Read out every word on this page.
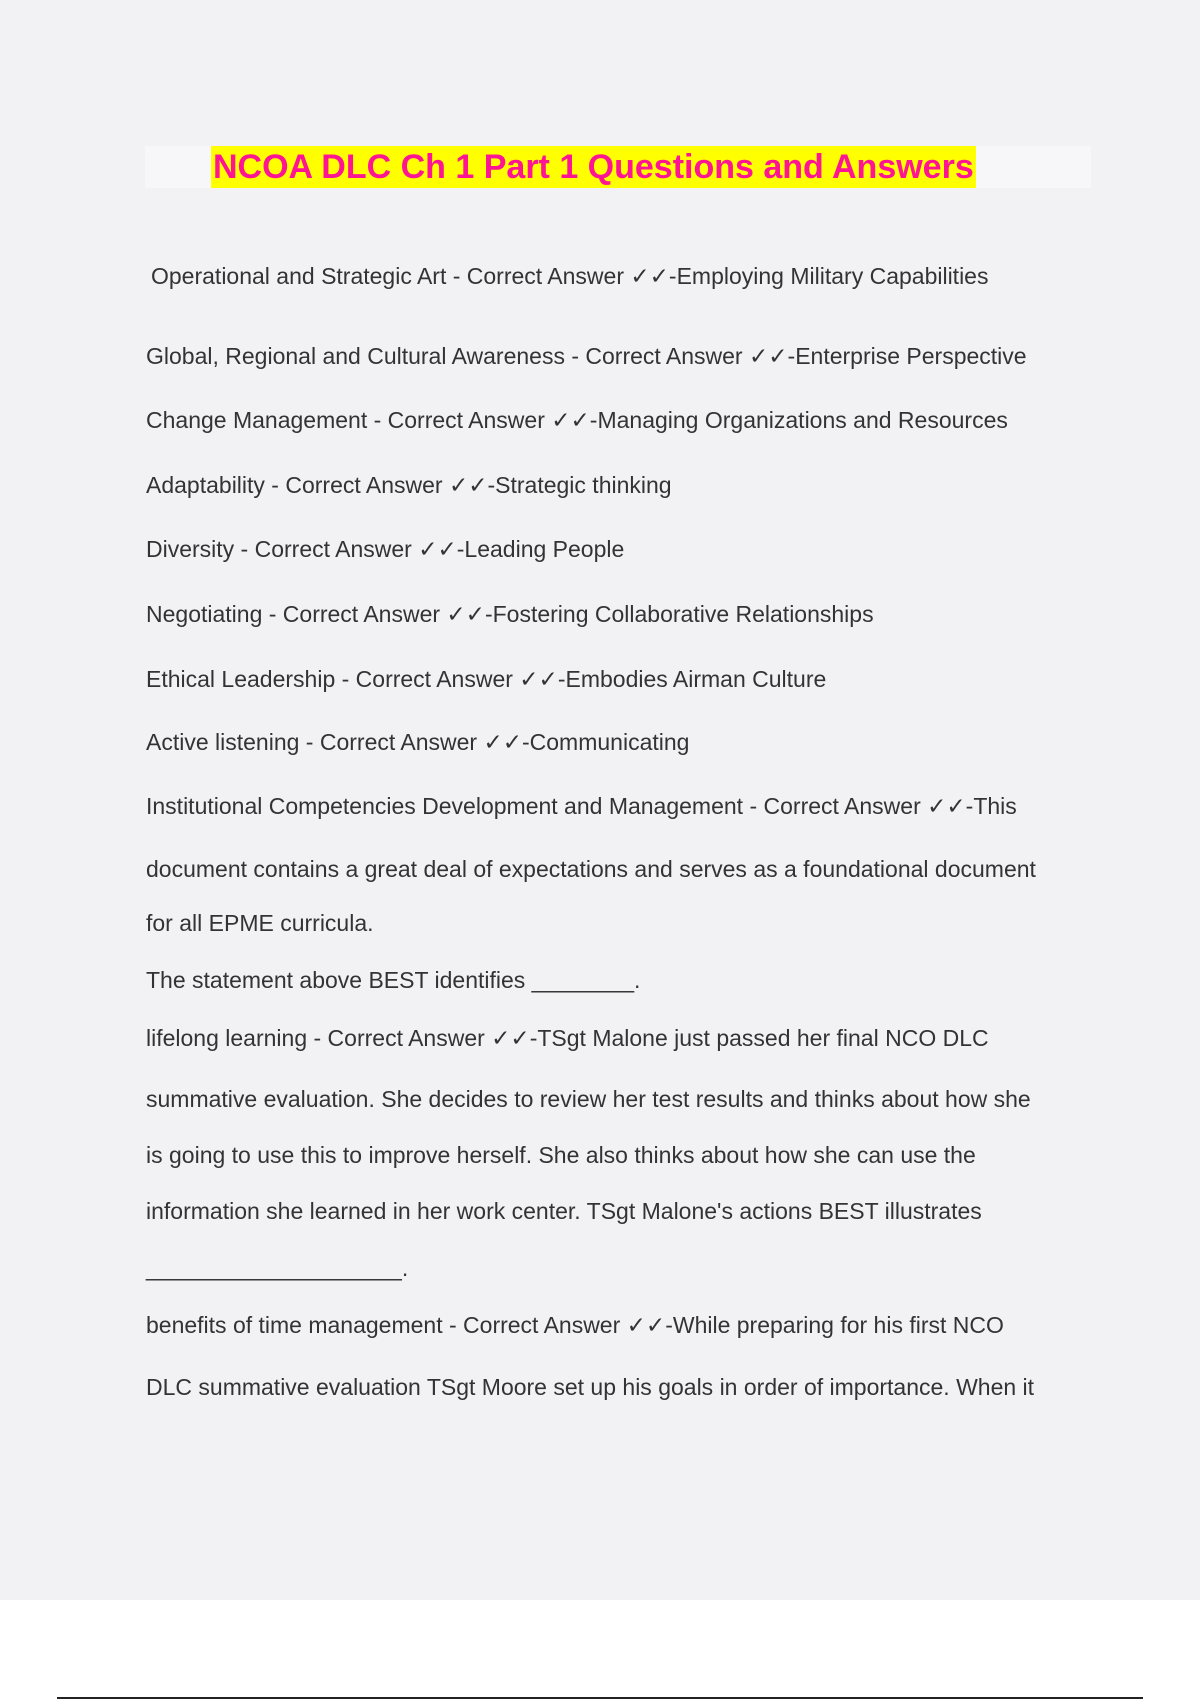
NCOA DLC Ch 1 Part 1 Questions and Answers
Operational and Strategic Art - Correct Answer ✓✓-Employing Military Capabilities
Global, Regional and Cultural Awareness - Correct Answer ✓✓-Enterprise Perspective
Change Management - Correct Answer ✓✓-Managing Organizations and Resources
Adaptability - Correct Answer ✓✓-Strategic thinking
Diversity - Correct Answer ✓✓-Leading People
Negotiating - Correct Answer ✓✓-Fostering Collaborative Relationships
Ethical Leadership - Correct Answer ✓✓-Embodies Airman Culture
Active listening - Correct Answer ✓✓-Communicating
Institutional Competencies Development and Management - Correct Answer ✓✓-This
document contains a great deal of expectations and serves as a foundational document
for all EPME curricula.
The statement above BEST identifies ________.
lifelong learning - Correct Answer ✓✓-TSgt Malone just passed her final NCO DLC
summative evaluation. She decides to review her test results and thinks about how she
is going to use this to improve herself. She also thinks about how she can use the
information she learned in her work center. TSgt Malone's actions BEST illustrates
____________________.
benefits of time management - Correct Answer ✓✓-While preparing for his first NCO
DLC summative evaluation TSgt Moore set up his goals in order of importance. When it
